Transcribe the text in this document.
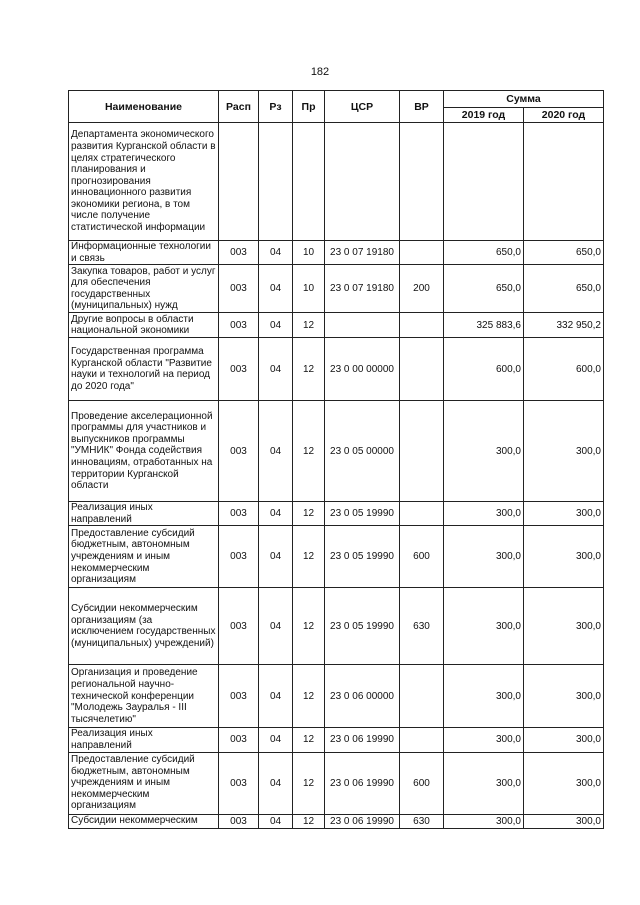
182
Наименование	Расп	Рз	Пр	ЦСР	ВР	Сумма	
						2019 год	2020 год
Департамента экономического развития Курганской области в целях стратегического планирования и прогнозирования инновационного развития экономики региона, в том числе получение статистической информации							
Информационные технологии и связь	003	04	10	23 0 07 19180		650,0	650,0
Закупка товаров, работ и услуг для обеспечения государственных (муниципальных) нужд	003	04	10	23 0 07 19180	200	650,0	650,0
Другие вопросы в области национальной экономики	003	04	12			325 883,6	332 950,2
Государственная программа Курганской области "Развитие науки и технологий на период до 2020 года"	003	04	12	23 0 00 00000		600,0	600,0
Проведение акселерационной программы для участников и выпускников программы "УМНИК" Фонда содействия инновациям, отработанных на территории Курганской области	003	04	12	23 0 05 00000		300,0	300,0
Реализация иных направлений	003	04	12	23 0 05 19990		300,0	300,0
Предоставление субсидий бюджетным, автономным учреждениям и иным некоммерческим организациям	003	04	12	23 0 05 19990	600	300,0	300,0
Субсидии некоммерческим организациям (за исключением государственных (муниципальных) учреждений)	003	04	12	23 0 05 19990	630	300,0	300,0
Организация и проведение региональной научно-технической конференции "Молодежь Зауралья - III тысячелетию"	003	04	12	23 0 06 00000		300,0	300,0
Реализация иных направлений	003	04	12	23 0 06 19990		300,0	300,0
Предоставление субсидий бюджетным, автономным учреждениям и иным некоммерческим организациям	003	04	12	23 0 06 19990	600	300,0	300,0
Субсидии некоммерческим	003	04	12	23 0 06 19990	630	300,0	300,0
